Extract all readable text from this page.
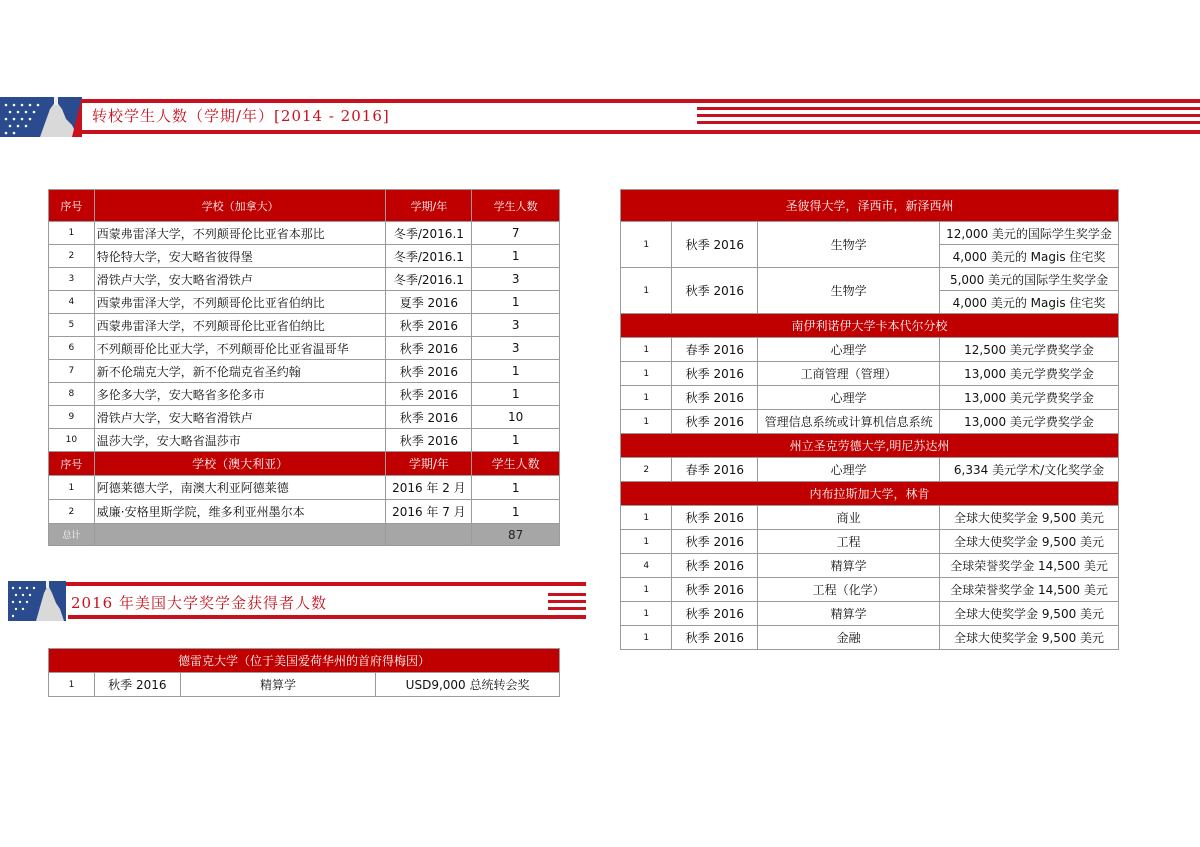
转校学生人数（学期/年）[2014 - 2016]
序号	学校（加拿大）	学期/年	学生人数
1	西蒙弗雷泽大学，不列颠哥伦比亚省本那比	冬季/2016.1	7
2	特伦特大学，安大略省彼得堡	冬季/2016.1	1
3	滑铁卢大学，安大略省滑铁卢	冬季/2016.1	3
4	西蒙弗雷泽大学，不列颠哥伦比亚省伯纳比	夏季 2016	1
5	西蒙弗雷泽大学，不列颠哥伦比亚省伯纳比	秋季 2016	3
6	不列颠哥伦比亚大学，不列颠哥伦比亚省温哥华	秋季 2016	3
7	新不伦瑞克大学，新不伦瑞克省圣约翰	秋季 2016	1
8	多伦多大学，安大略省多伦多市	秋季 2016	1
9	滑铁卢大学，安大略省滑铁卢	秋季 2016	10
10	温莎大学，安大略省温莎市	秋季 2016	1
序号	学校（澳大利亚）	学期/年	学生人数
1	阿德莱德大学，南澳大利亚阿德莱德	2016 年 2 月	1
2	威廉·安格里斯学院，维多利亚州墨尔本	2016 年 7 月	1
总计			87
2016 年美国大学奖学金获得者人数
德雷克大学（位于美国爱荷华州的首府得梅因）
1	秋季 2016	精算学	USD9,000 总统转会奖
圣彼得大学，泽西市，新泽西州			
1	秋季 2016	生物学	12,000 美元的国际学生奖学金
			4,000 美元的 Magis 住宅奖
1	秋季 2016	生物学	5,000 美元的国际学生奖学金
			4,000 美元的 Magis 住宅奖
南伊利诺伊大学卡本代尔分校			
1	春季 2016	心理学	12,500 美元学费奖学金
1	秋季 2016	工商管理（管理）	13,000 美元学费奖学金
1	秋季 2016	心理学	13,000 美元学费奖学金
1	秋季 2016	管理信息系统或计算机信息系统	13,000 美元学费奖学金
州立圣克劳德大学,明尼苏达州			
2	春季 2016	心理学	6,334 美元学术/文化奖学金
内布拉斯加大学，林肯			
1	秋季 2016	商业	全球大使奖学金 9,500 美元
1	秋季 2016	工程	全球大使奖学金 9,500 美元
4	秋季 2016	精算学	全球荣誉奖学金 14,500 美元
1	秋季 2016	工程（化学）	全球荣誉奖学金 14,500 美元
1	秋季 2016	精算学	全球大使奖学金 9,500 美元
1	秋季 2016	金融	全球大使奖学金 9,500 美元
